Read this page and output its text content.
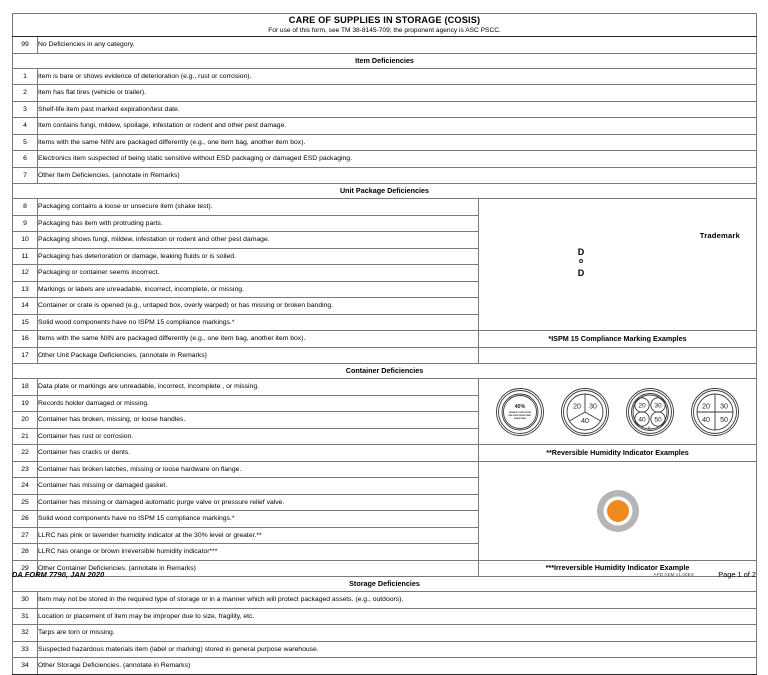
CARE OF SUPPLIES IN STORAGE (COSIS)
For use of this form, see TM 38-8145-709; the proponent agency is ASC PSCC.		

99	No Deficiencies in any category.	
Item Deficiencies		
1	Item is bare or shows evidence of deterioration (e.g., rust or corrosion).	
2	Item has flat tires (vehicle or trailer).	
3	Shelf-life item past marked expiration/test date.	
4	Item contains fungi, mildew, spoilage, infestation or rodent and other pest damage.	
5	Items with the same NIIN are packaged differently (e.g., one item bag, another item box).	
6	Electronics item suspected of being static sensitive without ESD packaging or damaged ESD packaging.	
7	Other Item Deficiencies. (annotate in Remarks)	
Unit Package Deficiencies		
8	Packaging contains a loose or unsecure item (shake test).	Trademark
D
o
D

9	Packaging has item with protruding parts.	
10	Packaging shows fungi, mildew, infestation or rodent and other pest damage.	
11	Packaging has deterioration or damage, leaking fluids or is soiled.	
12	Packaging or container seems incorrect.	
13	Markings or labels are unreadable, incorrect, incomplete, or missing.	
14	Container or crate is opened (e.g., untaped box, overly warped) or has missing or broken banding.	
15	Solid wood components have no ISPM 15 compliance markings.*	
16	Items with the same NIIN are packaged differently (e.g., one item bag, another item box).	*ISPM 15 Compliance Marking Examples
17	Other Unit Package Deficiencies. (annotate in Remarks)	
Container Deficiencies		
18	Data plate or markings are unreadable, incorrect, incomplete , or missing.	
40%
HUMIDITY INDICATOR
REPLACE DESICCANT
WHEN PINK
20 30
40
20 30
40 50
20 30
40 50

19	Records holder damaged or missing.	
20	Container has broken, missing, or loose handles.	
21	Container has rust or corrosion.	
22	Container has cracks or dents.	**Reversible Humidity Indicator Examples
23	Container has broken latches, missing or loose hardware on flange.	

24	Container has missing or damaged gasket.	
25	Container has missing or damaged automatic purge valve or pressure relief valve.	
26	Solid wood components have no ISPM 15 compliance markings.*	
27	LLRC has pink or lavender humidity indicator at the 30% level or greater.**	
28	LLRC has orange or brown irreversible humidity indicator***	
29	Other Container Deficiencies. (annotate in Remarks)	***Irreversible Humidity Indicator Example
Storage Deficiencies		
30	Item may not be stored in the required type of storage or in a manner which will protect packaged assets. (e.g., outdoors).	
31	Location or placement of item may be improper due to size, fragility, etc.	
32	Tarps are torn or missing.	
33	Suspected hazardous materials item (label or marking) stored in general purpose warehouse.	
34	Other Storage Deficiencies. (annotate in Remarks)	
DA FORM 7790, JAN 2020	APD AEM v1.00ES	Page 1 of 2
